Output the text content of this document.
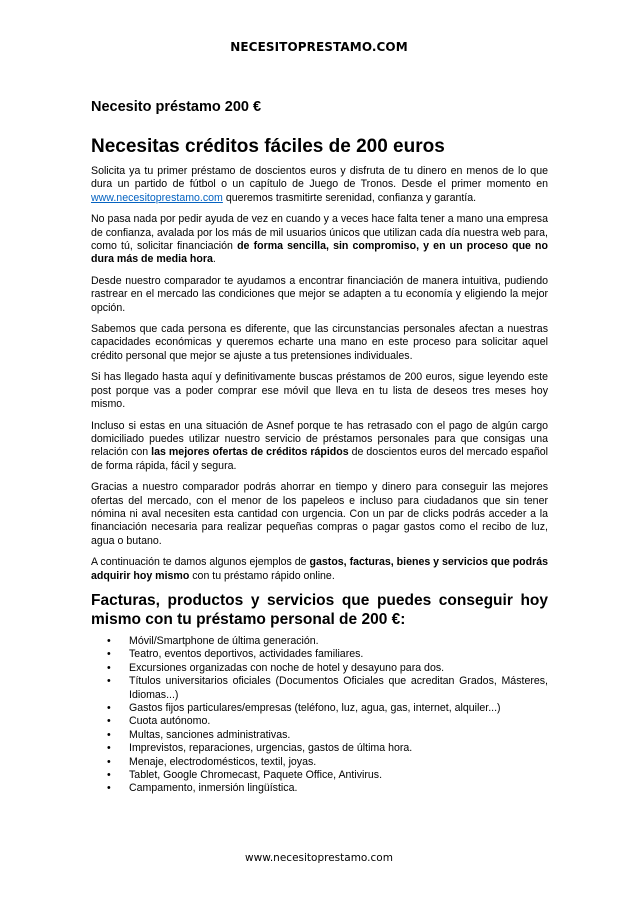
NECESITOPRESTAMO.COM
Necesito préstamo 200 €
Necesitas créditos fáciles de 200 euros

Solicita ya tu primer préstamo de doscientos euros y disfruta de tu dinero en menos de lo que dura un partido de fútbol o un capítulo de Juego de Tronos. Desde el primer momento en www.necesitoprestamo.com queremos trasmitirte serenidad, confianza y garantía.

No pasa nada por pedir ayuda de vez en cuando y a veces hace falta tener a mano una empresa de confianza, avalada por los más de mil usuarios únicos que utilizan cada día nuestra web para, como tú, solicitar financiación de forma sencilla, sin compromiso, y en un proceso que no dura más de media hora.

Desde nuestro comparador te ayudamos a encontrar financiación de manera intuitiva, pudiendo rastrear en el mercado las condiciones que mejor se adapten a tu economía y eligiendo la mejor opción.

Sabemos que cada persona es diferente, que las circunstancias personales afectan a nuestras capacidades económicas y queremos echarte una mano en este proceso para solicitar aquel crédito personal que mejor se ajuste a tus pretensiones individuales.

Si has llegado hasta aquí y definitivamente buscas préstamos de 200 euros, sigue leyendo este post porque vas a poder comprar ese móvil que lleva en tu lista de deseos tres meses hoy mismo.

Incluso si estas en una situación de Asnef porque te has retrasado con el pago de algún cargo domiciliado puedes utilizar nuestro servicio de préstamos personales para que consigas una relación con las mejores ofertas de créditos rápidos de doscientos euros del mercado español de forma rápida, fácil y segura.

Gracias a nuestro comparador podrás ahorrar en tiempo y dinero para conseguir las mejores ofertas del mercado, con el menor de los papeleos e incluso para ciudadanos que sin tener nómina ni aval necesiten esta cantidad con urgencia. Con un par de clicks podrás acceder a la financiación necesaria para realizar pequeñas compras o pagar gastos como el recibo de luz, agua o butano.

A continuación te damos algunos ejemplos de gastos, facturas, bienes y servicios que podrás adquirir hoy mismo con tu préstamo rápido online.

Facturas, productos y servicios que puedes conseguir hoy mismo con tu préstamo personal de 200 €:
• Móvil/Smartphone de última generación.
• Teatro, eventos deportivos, actividades familiares.
• Excursiones organizadas con noche de hotel y desayuno para dos.
• Títulos universitarios oficiales (Documentos Oficiales que acreditan Grados, Másteres, Idiomas...)
• Gastos fijos particulares/empresas (teléfono, luz, agua, gas, internet, alquiler...)
• Cuota autónomo.
• Multas, sanciones administrativas.
• Imprevistos, reparaciones, urgencias, gastos de última hora.
• Menaje, electrodomésticos, textil, joyas.
• Tablet, Google Chromecast, Paquete Office, Antivirus.
• Campamento, inmersión lingüística.
www.necesitoprestamo.com
